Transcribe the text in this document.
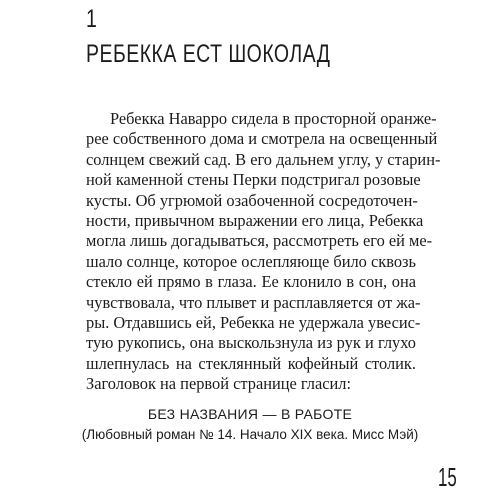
1
РЕБЕККА ЕСТ ШОКОЛАД
Ребекка Наварро сидела в просторной оранже-
рее собственного дома и смотрела на освещенный
солнцем свежий сад. В его дальнем углу, у старин-
ной каменной стены Перки подстригал розовые
кусты. Об угрюмой озабоченной сосредоточен-
ности, привычном выражении его лица, Ребекка
могла лишь догадываться, рассмотреть его ей ме-
шало солнце, которое ослепляюще било сквозь
стекло ей прямо в глаза. Ее клонило в сон, она
чувствовала, что плывет и расплавляется от жа-
ры. Отдавшись ей, Ребекка не удержала увесис-
тую рукопись, она выскользнула из рук и глухо
шлепнулась на стеклянный кофейный столик.
Заголовок на первой странице гласил:
БЕЗ НАЗВАНИЯ — В РАБОТЕ
(Любовный роман № 14. Начало XIX века. Мисс Мэй)
15
